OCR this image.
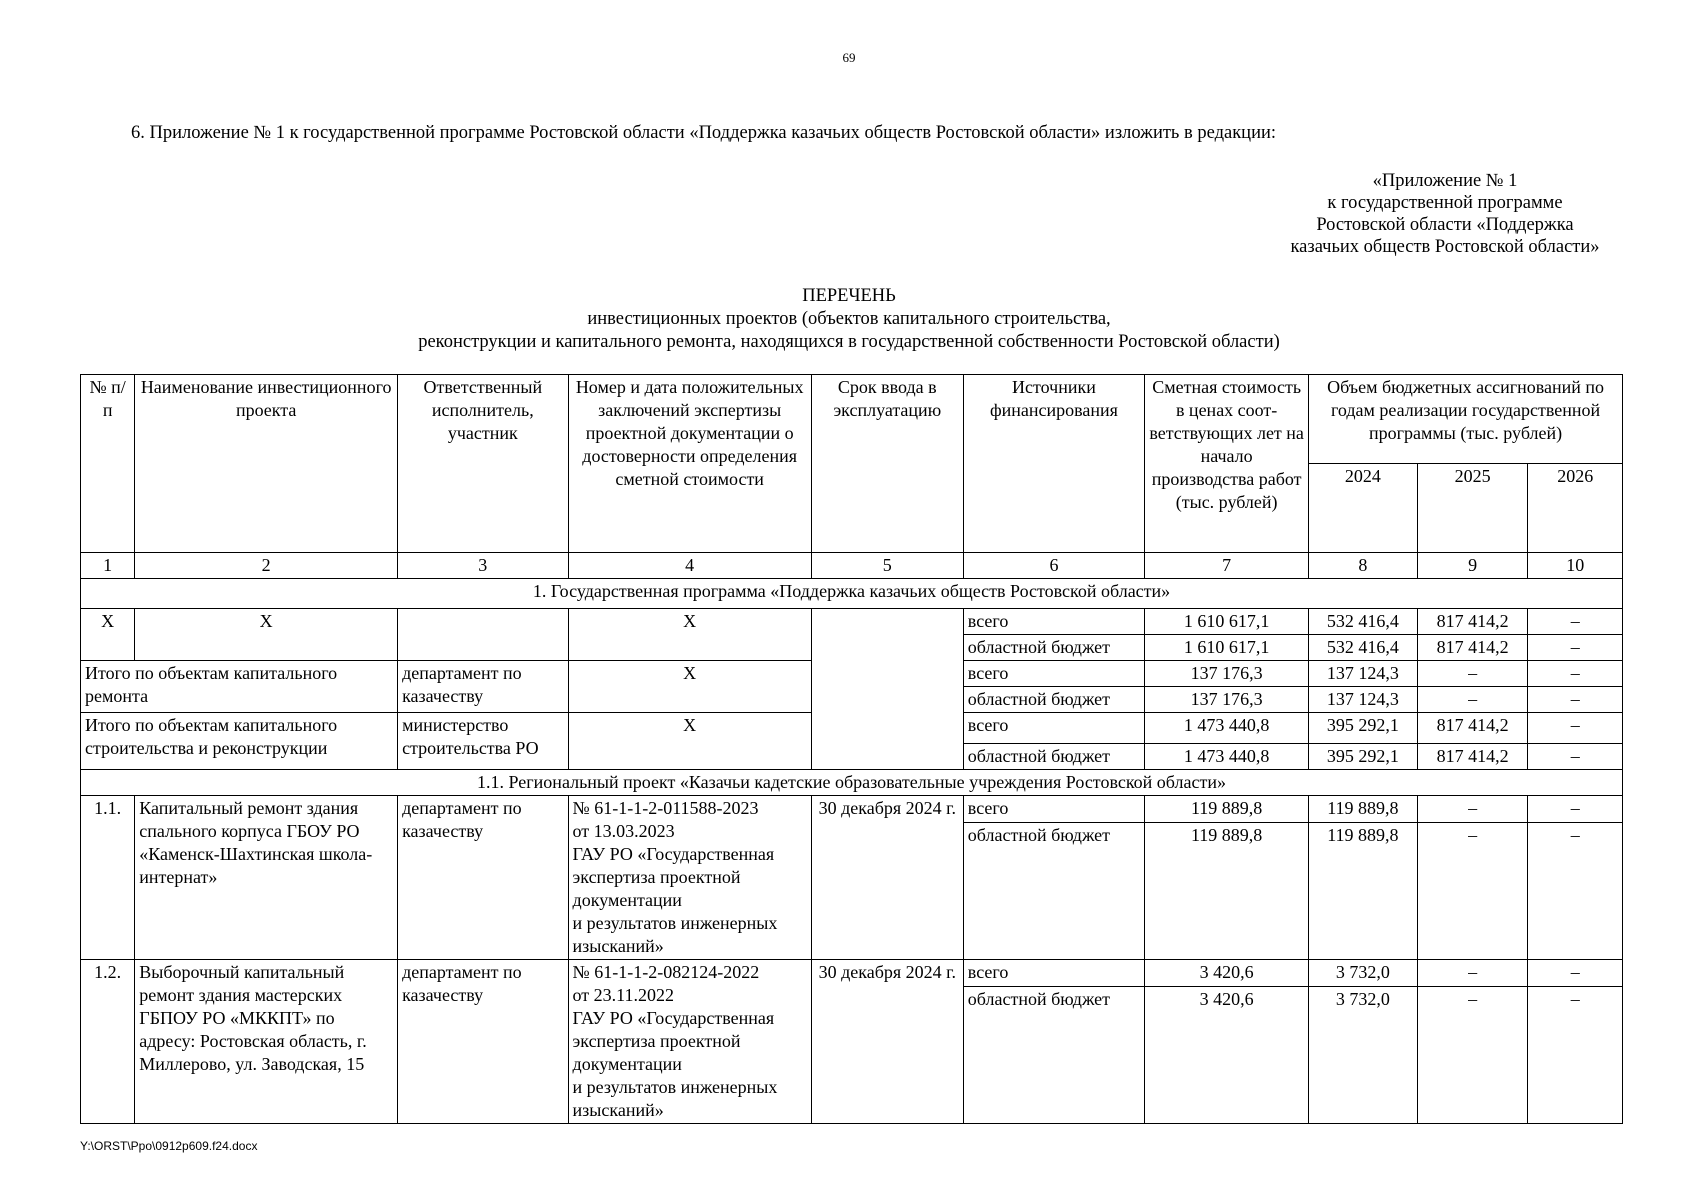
69
6. Приложение № 1 к государственной программе Ростовской области «Поддержка казачьих обществ Ростовской области» изложить в редакции:
«Приложение № 1
к государственной программе
Ростовской области «Поддержка
казачьих обществ Ростовской области»
ПЕРЕЧЕНЬ
инвестиционных проектов (объектов капитального строительства,
реконструкции и капитального ремонта, находящихся в государственной собственности Ростовской области)
№ п/п	Наименование инвестиционного проекта	Ответственный исполнитель, участник	Номер и дата положительных заключений экспертизы проектной документации о достоверности определения сметной стоимости	Срок ввода в эксплуатацию	Источники финансирования	Сметная стоимость в ценах соот-ветствующих лет на начало производства работ (тыс. рублей)	Объем бюджетных ассигнований по годам реализации государственной программы (тыс. рублей)		
							2024	2025	2026
1	2	3	4	5	6	7	8	9	10
1. Государственная программа «Поддержка казачьих обществ Ростовской области»									
Х	Х		Х		всего	1 610 617,1	532 416,4	817 414,2	–
					областной бюджет	1 610 617,1	532 416,4	817 414,2	–
Итого по объектам капитального ремонта		департамент по казачеству	Х		всего	137 176,3	137 124,3	–	–
					областной бюджет	137 176,3	137 124,3	–	–
Итого по объектам капитального строительства и реконструкции		министерство строительства РО	Х		всего	1 473 440,8	395 292,1	817 414,2	–
					областной бюджет	1 473 440,8	395 292,1	817 414,2	–
1.1. Региональный проект «Казачьи кадетские образовательные учреждения Ростовской области»									
1.1.	Капитальный ремонт здания спального корпуса ГБОУ РО «Каменск-Шахтинская школа-интернат»	департамент по казачеству	№ 61-1-1-2-011588-2023
от 13.03.2023
ГАУ РО «Государственная экспертиза проектной документации
и результатов инженерных изысканий»	30 декабря 2024 г.	всего	119 889,8	119 889,8	–	–
					областной бюджет	119 889,8	119 889,8	–	–
1.2.	Выборочный капитальный ремонт здания мастерских ГБПОУ РО «МККПТ» по адресу: Ростовская область, г. Миллерово, ул. Заводская, 15	департамент по казачеству	№ 61-1-1-2-082124-2022
от 23.11.2022
ГАУ РО «Государственная экспертиза проектной документации
и результатов инженерных изысканий»	30 декабря 2024 г.	всего	3 420,6	3 732,0	–	–
					областной бюджет	3 420,6	3 732,0	–	–
Y:\ORST\Ppo\0912p609.f24.docx
